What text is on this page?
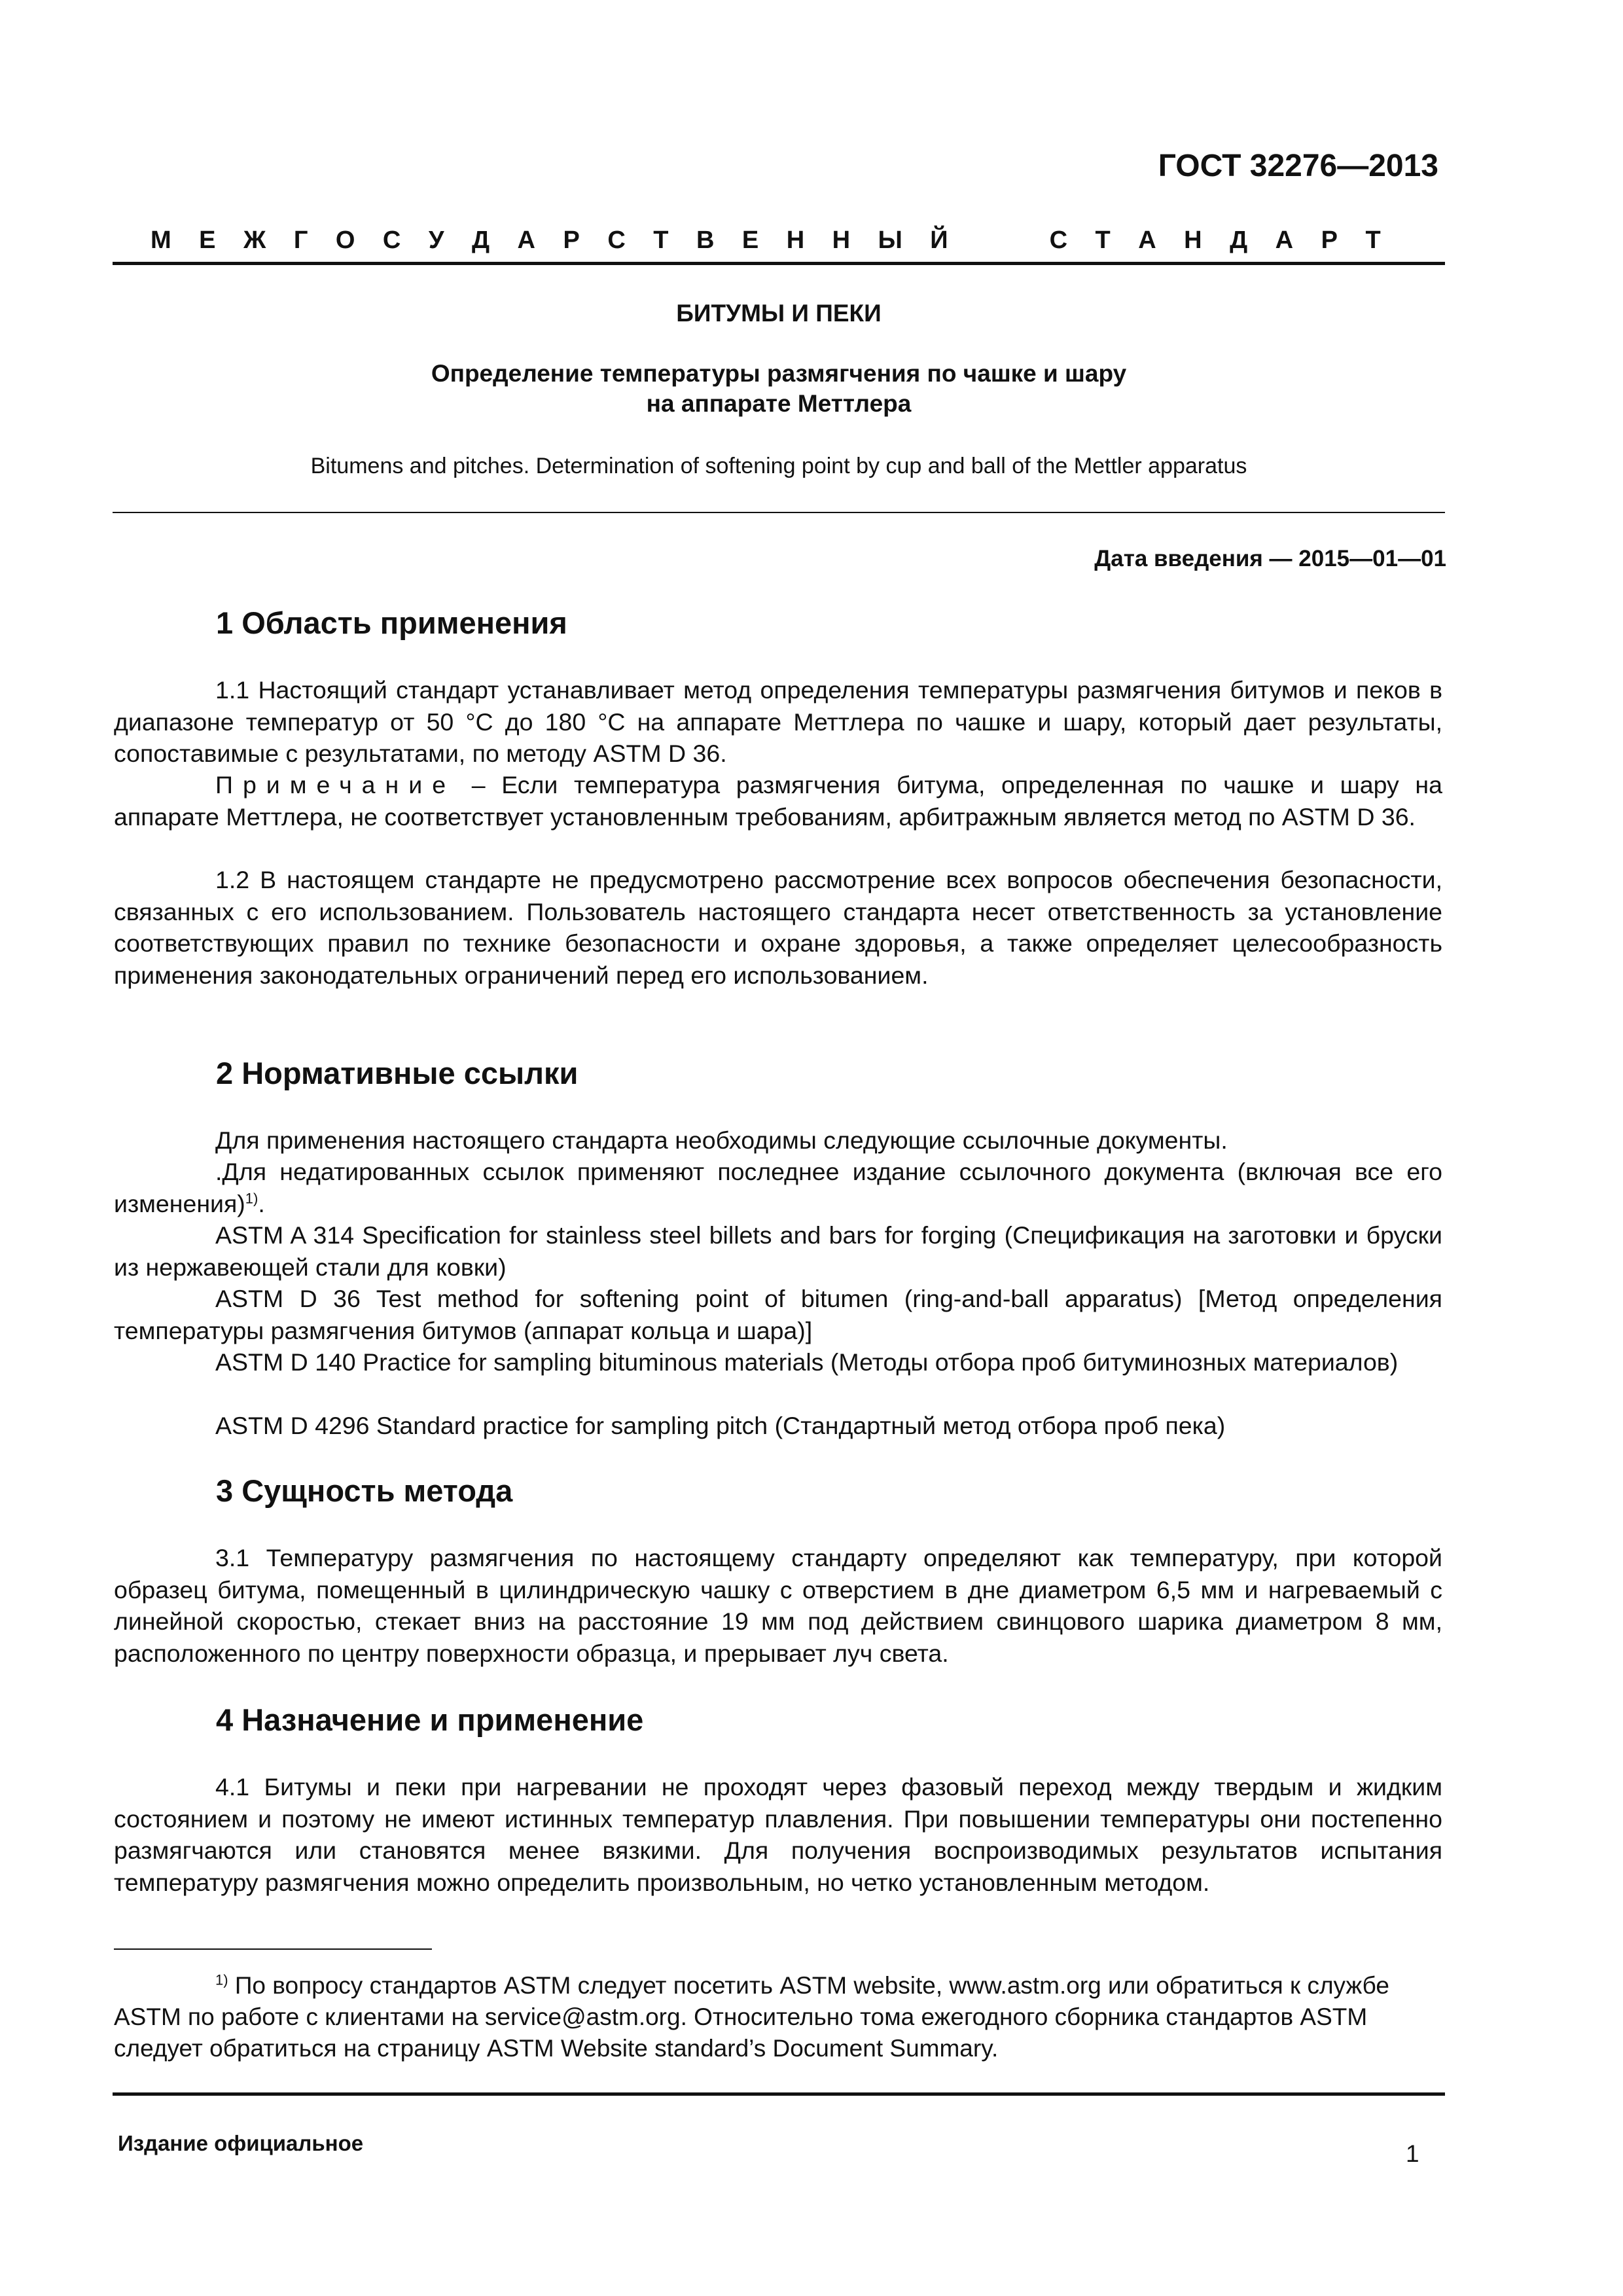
ГОСТ 32276—2013
М Е Ж Г О С У Д А Р С Т В Е Н Н Ы Й	С Т А Н Д А Р Т
БИТУМЫ И ПЕКИ
Определение температуры размягчения по чашке и шару
на аппарате Меттлера
Bitumens and pitches. Determination of softening point by cup and ball of the Mettler apparatus
Дата введения — 2015—01—01
1 Область применения

1.1 Настоящий стандарт устанавливает метод определения температуры размягчения битумов и пеков в диапазоне температур от 50 °С до 180 °С на аппарате Меттлера по чашке и шару, который дает результаты, сопоставимые с результатами, по методу ASTM D 36.

Примечание – Если температура размягчения битума, определенная по чашке и шару на аппарате Меттлера, не соответствует установленным требованиям, арбитражным является метод по ASTM D 36.

1.2 В настоящем стандарте не предусмотрено рассмотрение всех вопросов обеспечения безопасности, связанных с его использованием. Пользователь настоящего стандарта несет ответственность за установление соответствующих правил по технике безопасности и охране здоровья, а также определяет целесообразность применения законодательных ограничений перед его использованием.

2 Нормативные ссылки

Для применения настоящего стандарта необходимы следующие ссылочные документы.

.Для недатированных ссылок применяют последнее издание ссылочного документа (включая все его изменения)$^{1)}$.

ASTM A 314 Specification for stainless steel billets and bars for forging (Спецификация на заготовки и бруски из нержавеющей стали для ковки)

ASTM D 36 Test method for softening point of bitumen (ring-and-ball apparatus) [Метод определения температуры размягчения битумов (аппарат кольца и шара)]

ASTM D 140 Practice for sampling bituminous materials (Методы отбора проб битуминозных материалов)

ASTM D 4296 Standard practice for sampling pitch (Стандартный метод отбора проб пека)

3 Сущность метода

3.1 Температуру размягчения по настоящему стандарту определяют как температуру, при которой образец битума, помещенный в цилиндрическую чашку с отверстием в дне диаметром 6,5 мм и нагреваемый с линейной скоростью, стекает вниз на расстояние 19 мм под действием свинцового шарика диаметром 8 мм, расположенного по центру поверхности образца, и прерывает луч света.

4 Назначение и применение

4.1 Битумы и пеки при нагревании не проходят через фазовый переход между твердым и жидким состоянием и поэтому не имеют истинных температур плавления. При повышении температуры они постепенно размягчаются или становятся менее вязкими. Для получения воспроизводимых результатов испытания температуру размягчения можно определить произвольным, но четко установленным методом.

$^{1)}$ По вопросу стандартов ASTM следует посетить ASTM website, www.astm.org или обратиться к службе ASTM по работе с клиентами на service@astm.org. Относительно тома ежегодного сборника стандартов ASTM следует обратиться на страницу ASTM Website standard’s Document Summary.

Издание официальное	1
